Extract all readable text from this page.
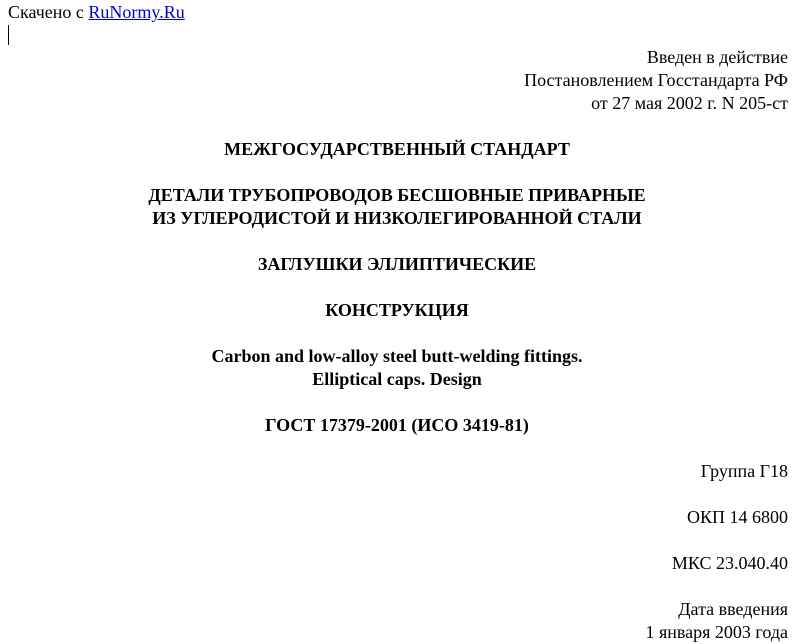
Скачено с RuNormy.Ru
Введен в действие
Постановлением Госстандарта РФ
от 27 мая 2002 г. N 205-ст
МЕЖГОСУДАРСТВЕННЫЙ СТАНДАРТ
ДЕТАЛИ ТРУБОПРОВОДОВ БЕСШОВНЫЕ ПРИВАРНЫЕ
ИЗ УГЛЕРОДИСТОЙ И НИЗКОЛЕГИРОВАННОЙ СТАЛИ
ЗАГЛУШКИ ЭЛЛИПТИЧЕСКИЕ
КОНСТРУКЦИЯ
Carbon and low-alloy steel butt-welding fittings.
Elliptical caps. Design
ГОСТ 17379-2001 (ИСО 3419-81)
Группа Г18
ОКП 14 6800
МКС 23.040.40
Дата введения
1 января 2003 года
